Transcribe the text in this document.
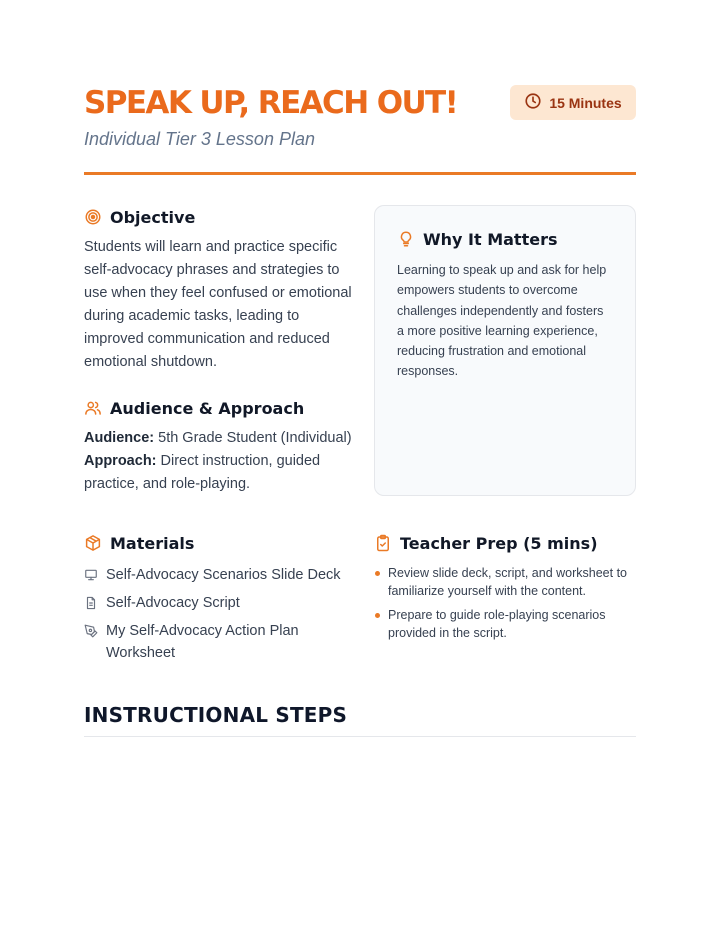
SPEAK UP, REACH OUT!
Individual Tier 3 Lesson Plan
15 Minutes
Objective

Students will learn and practice specific self-advocacy phrases and strategies to use when they feel confused or emotional during academic tasks, leading to improved communication and reduced emotional shutdown.

Audience & Approach

Audience: 5th Grade Student (Individual)

Approach: Direct instruction, guided practice, and role-playing.

Why It Matters

Learning to speak up and ask for help empowers students to overcome challenges independently and fosters a more positive learning experience, reducing frustration and emotional responses.

Materials
Self-Advocacy Scenarios Slide Deck
Self-Advocacy Script
My Self-Advocacy Action Plan Worksheet
Teacher Prep (5 mins)
Review slide deck, script, and worksheet to familiarize yourself with the content.
Prepare to guide role-playing scenarios provided in the script.
INSTRUCTIONAL STEPS
